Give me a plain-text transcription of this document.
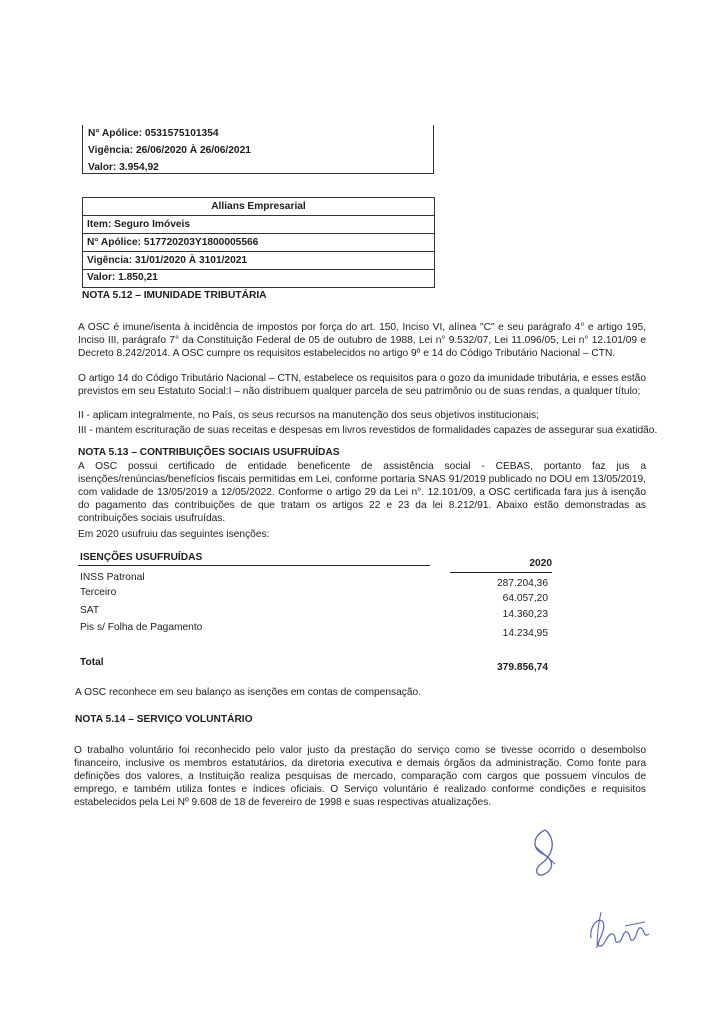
N° Apólice: 0531575101354
Vigência: 26/06/2020 À 26/06/2021
Valor: 3.954,92
Allians Empresarial
Item: Seguro Imóveis
N° Apólice: 517720203Y1800005566
Vigência: 31/01/2020 À 3101/2021
Valor: 1.850,21
NOTA 5.12 – IMUNIDADE TRIBUTÁRIA
A OSC é imune/isenta à incidência de impostos por força do art. 150, Inciso VI, alínea "C" e seu parágrafo 4° e artigo 195, Inciso III, parágrafo 7° da Constituição Federal de 05 de outubro de 1988, Lei n° 9.532/07, Lei 11.096/05, Lei n° 12.101/09 e Decreto 8.242/2014. A OSC cumpre os requisitos estabelecidos no artigo 9º e 14 do Código Tributário Nacional – CTN.
O artigo 14 do Código Tributário Nacional – CTN, estabelece os requisitos para o gozo da imunidade tributária, e esses estão previstos em seu Estatuto Social:I – não distribuem qualquer parcela de seu patrimônio ou de suas rendas, a qualquer título;
II - aplicam integralmente, no País, os seus recursos na manutenção dos seus objetivos institucionais;
III - mantem escrituração de suas receitas e despesas em livros revestidos de formalidades capazes de assegurar sua exatidão.
NOTA 5.13 – CONTRIBUIÇÕES SOCIAIS USUFRUÍDAS
A OSC possui certificado de entidade beneficente de assistência social - CEBAS, portanto faz jus a isenções/renúncias/benefícios fiscais permitidas em Lei, conforme portaria SNAS 91/2019 publicado no DOU em 13/05/2019, com validade de 13/05/2019 a 12/05/2022. Conforme o artigo 29 da Lei n°. 12.101/09, a OSC certificada fara jus à isenção do pagamento das contribuições de que tratam os artigos 22 e 23 da lei 8.212/91. Abaixo estão demonstradas as contribuições sociais usufruídas.
Em 2020 usufruiu das seguintes isenções:
ISENÇÕES USUFRUÍDAS
2020
INSS Patronal
287.204,36
Terceiro
64.057,20
SAT	14.360,23
Pis s/ Folha de Pagamento
14.234,95
Total	379.856,74
A OSC reconhece em seu balanço as isenções em contas de compensação.
NOTA 5.14 – SERVIÇO VOLUNTÁRIO
O trabalho voluntário foi reconhecido pelo valor justo da prestação do serviço como se tivesse ocorrido o desembolso financeiro, inclusive os membros estatutários, da diretoria executiva e demais órgãos da administração. Como fonte para definições dos valores, a Instituição realiza pesquisas de mercado, comparação com cargos que possuem vínculos de emprego, e também utiliza fontes e índices oficiais. O Serviço voluntário é realizado conforme condições e requisitos estabelecidos pela Lei Nº 9.608 de 18 de fevereiro de 1998 e suas respectivas atualizações.
